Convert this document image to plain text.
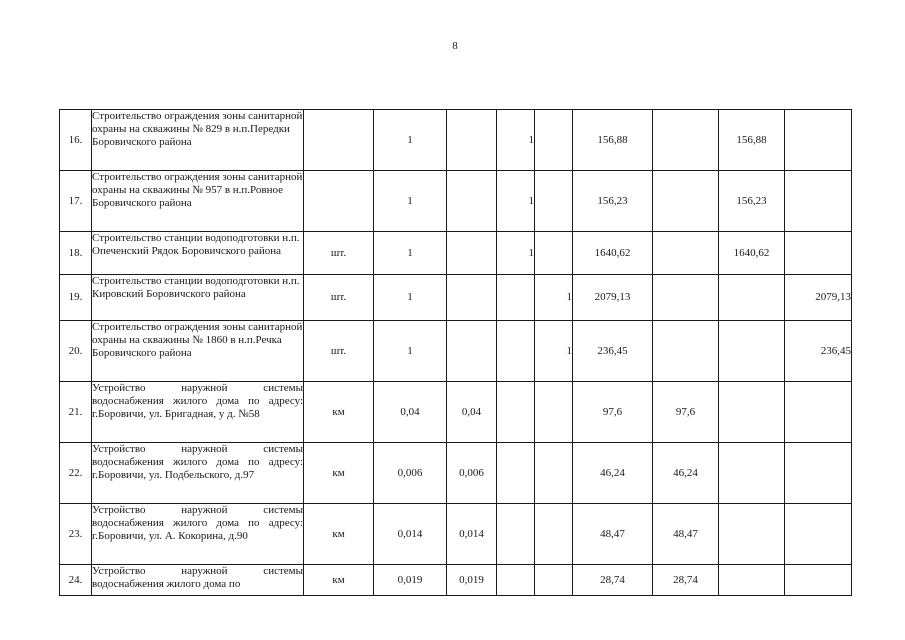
8
16.	Строительство ограждения зоны санитарной охраны на скважины № 829 в н.п.Передки Боровичского района		1		1		156,88		156,88	
17.	Строительство ограждения зоны санитарной охраны на скважины № 957 в н.п.Ровное Боровичского района		1		1		156,23		156,23	
18.	Строительство станции водоподготовки н.п. Опеченский Рядок Боровичского района	шт.	1		1		1640,62		1640,62	
19.	Строительство станции водоподготовки н.п. Кировский Боровичского района	шт.	1			1	2079,13			2079,13
20.	Строительство ограждения зоны санитарной охраны на скважины № 1860 в н.п.Речка Боровичского района	шт.	1			1	236,45			236,45
21.	Устройство наружной системы водоснабжения жилого дома по адресу: г.Боровичи, ул. Бригадная, у д. №58	км	0,04	0,04			97,6	97,6		
22.	Устройство наружной системы водоснабжения жилого дома по адресу: г.Боровичи, ул. Подбельского, д.97	км	0,006	0,006			46,24	46,24		
23.	Устройство наружной системы водоснабжения жилого дома по адресу: г.Боровичи, ул. А. Кокорина, д.90	км	0,014	0,014			48,47	48,47		
24.	Устройство наружной системы водоснабжения жилого дома по	км	0,019	0,019			28,74	28,74		
